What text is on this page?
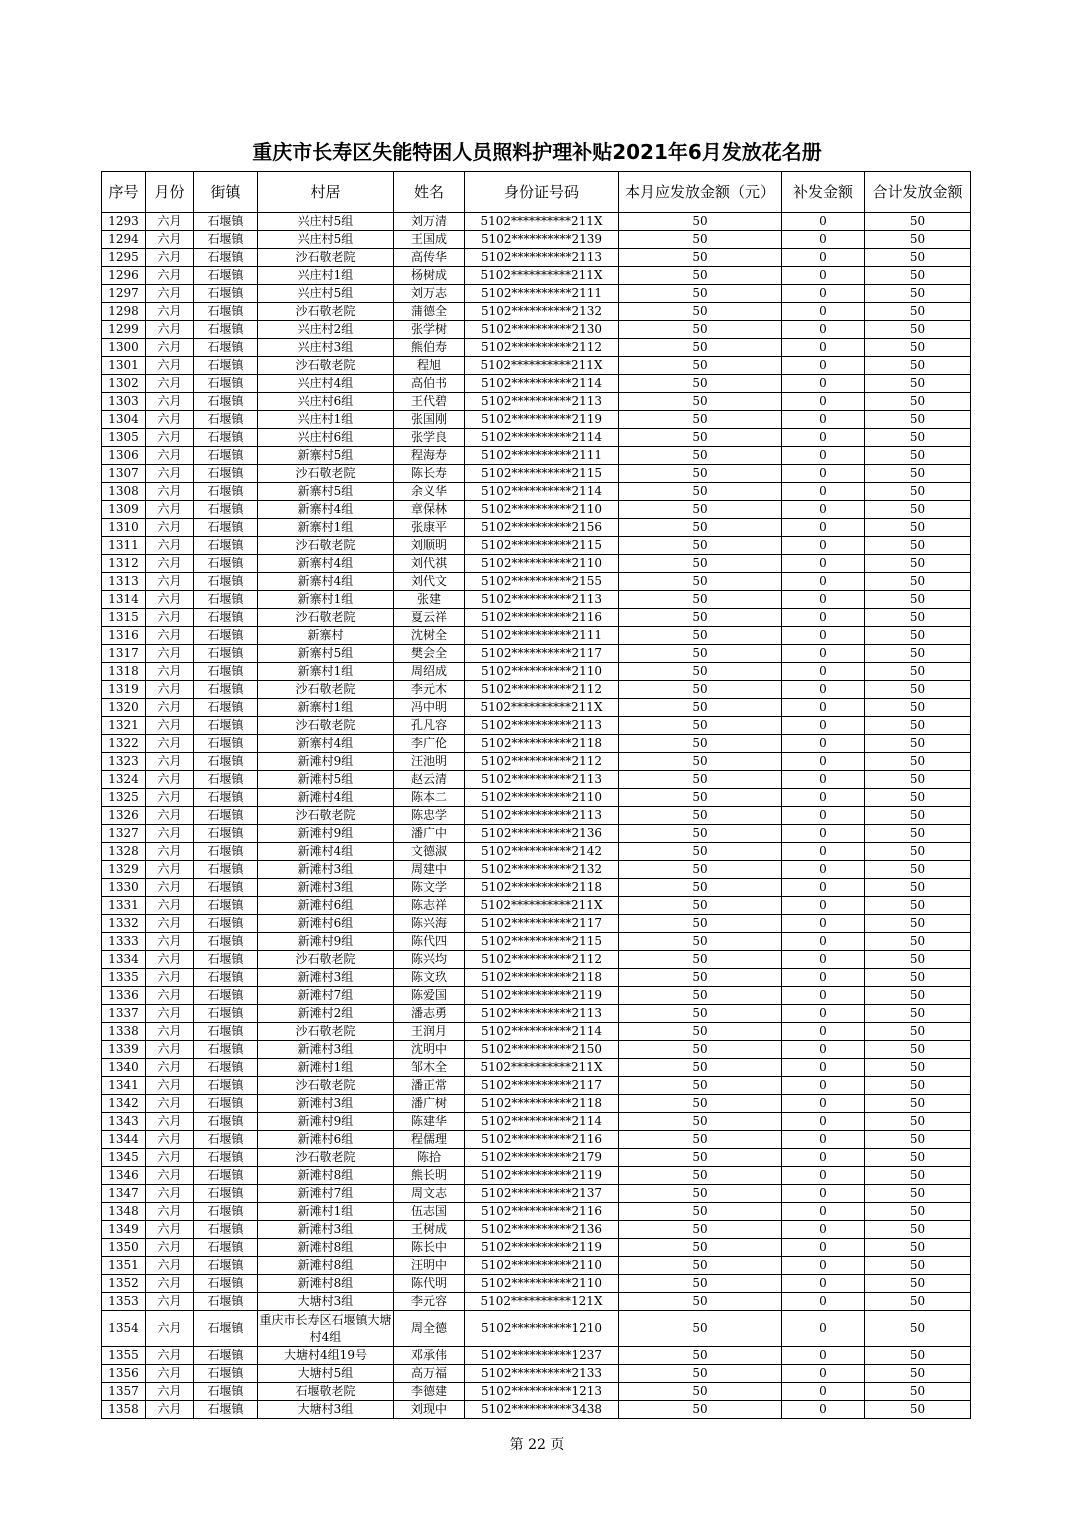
重庆市长寿区失能特困人员照料护理补贴2021年6月发放花名册
序号	月份	街镇	村居	姓名	身份证号码	本月应发放金额（元）	补发金额	合计发放金额
1293	六月	石堰镇	兴庄村5组	刘万清	5102**********211X	50	0	50
1294	六月	石堰镇	兴庄村5组	王国成	5102**********2139	50	0	50
1295	六月	石堰镇	沙石敬老院	高传华	5102**********2113	50	0	50
1296	六月	石堰镇	兴庄村1组	杨树成	5102**********211X	50	0	50
1297	六月	石堰镇	兴庄村5组	刘万志	5102**********2111	50	0	50
1298	六月	石堰镇	沙石敬老院	蒲德全	5102**********2132	50	0	50
1299	六月	石堰镇	兴庄村2组	张学树	5102**********2130	50	0	50
1300	六月	石堰镇	兴庄村3组	熊伯寿	5102**********2112	50	0	50
1301	六月	石堰镇	沙石敬老院	程旭	5102**********211X	50	0	50
1302	六月	石堰镇	兴庄村4组	高伯书	5102**********2114	50	0	50
1303	六月	石堰镇	兴庄村6组	王代碧	5102**********2113	50	0	50
1304	六月	石堰镇	兴庄村1组	张国刚	5102**********2119	50	0	50
1305	六月	石堰镇	兴庄村6组	张学良	5102**********2114	50	0	50
1306	六月	石堰镇	新寨村5组	程海寿	5102**********2111	50	0	50
1307	六月	石堰镇	沙石敬老院	陈长寿	5102**********2115	50	0	50
1308	六月	石堰镇	新寨村5组	余义华	5102**********2114	50	0	50
1309	六月	石堰镇	新寨村4组	章保林	5102**********2110	50	0	50
1310	六月	石堰镇	新寨村1组	张康平	5102**********2156	50	0	50
1311	六月	石堰镇	沙石敬老院	刘顺明	5102**********2115	50	0	50
1312	六月	石堰镇	新寨村4组	刘代祺	5102**********2110	50	0	50
1313	六月	石堰镇	新寨村4组	刘代文	5102**********2155	50	0	50
1314	六月	石堰镇	新寨村1组	张建	5102**********2113	50	0	50
1315	六月	石堰镇	沙石敬老院	夏云祥	5102**********2116	50	0	50
1316	六月	石堰镇	新寨村	沈树全	5102**********2111	50	0	50
1317	六月	石堰镇	新寨村5组	樊会全	5102**********2117	50	0	50
1318	六月	石堰镇	新寨村1组	周绍成	5102**********2110	50	0	50
1319	六月	石堰镇	沙石敬老院	李元木	5102**********2112	50	0	50
1320	六月	石堰镇	新寨村1组	冯中明	5102**********211X	50	0	50
1321	六月	石堰镇	沙石敬老院	孔凡容	5102**********2113	50	0	50
1322	六月	石堰镇	新寨村4组	李广伦	5102**********2118	50	0	50
1323	六月	石堰镇	新滩村9组	汪池明	5102**********2112	50	0	50
1324	六月	石堰镇	新滩村5组	赵云清	5102**********2113	50	0	50
1325	六月	石堰镇	新滩村4组	陈本二	5102**********2110	50	0	50
1326	六月	石堰镇	沙石敬老院	陈忠学	5102**********2113	50	0	50
1327	六月	石堰镇	新滩村9组	潘广中	5102**********2136	50	0	50
1328	六月	石堰镇	新滩村4组	文德淑	5102**********2142	50	0	50
1329	六月	石堰镇	新滩村3组	周建中	5102**********2132	50	0	50
1330	六月	石堰镇	新滩村3组	陈文学	5102**********2118	50	0	50
1331	六月	石堰镇	新滩村6组	陈志祥	5102**********211X	50	0	50
1332	六月	石堰镇	新滩村6组	陈兴海	5102**********2117	50	0	50
1333	六月	石堰镇	新滩村9组	陈代四	5102**********2115	50	0	50
1334	六月	石堰镇	沙石敬老院	陈兴均	5102**********2112	50	0	50
1335	六月	石堰镇	新滩村3组	陈文玖	5102**********2118	50	0	50
1336	六月	石堰镇	新滩村7组	陈爱国	5102**********2119	50	0	50
1337	六月	石堰镇	新滩村2组	潘志勇	5102**********2113	50	0	50
1338	六月	石堰镇	沙石敬老院	王润月	5102**********2114	50	0	50
1339	六月	石堰镇	新滩村3组	沈明中	5102**********2150	50	0	50
1340	六月	石堰镇	新滩村1组	邹木全	5102**********211X	50	0	50
1341	六月	石堰镇	沙石敬老院	潘正常	5102**********2117	50	0	50
1342	六月	石堰镇	新滩村3组	潘广树	5102**********2118	50	0	50
1343	六月	石堰镇	新滩村9组	陈建华	5102**********2114	50	0	50
1344	六月	石堰镇	新滩村6组	程儒理	5102**********2116	50	0	50
1345	六月	石堰镇	沙石敬老院	陈拾	5102**********2179	50	0	50
1346	六月	石堰镇	新滩村8组	熊长明	5102**********2119	50	0	50
1347	六月	石堰镇	新滩村7组	周文志	5102**********2137	50	0	50
1348	六月	石堰镇	新滩村1组	伍志国	5102**********2116	50	0	50
1349	六月	石堰镇	新滩村3组	王树成	5102**********2136	50	0	50
1350	六月	石堰镇	新滩村8组	陈长中	5102**********2119	50	0	50
1351	六月	石堰镇	新滩村8组	汪明中	5102**********2110	50	0	50
1352	六月	石堰镇	新滩村8组	陈代明	5102**********2110	50	0	50
1353	六月	石堰镇	大塘村3组	李元容	5102**********121X	50	0	50
1354	六月	石堰镇	重庆市长寿区石堰镇大塘村4组	周全德	5102**********1210	50	0	50
1355	六月	石堰镇	大塘村4组19号	邓承伟	5102**********1237	50	0	50
1356	六月	石堰镇	大塘村5组	高万福	5102**********2133	50	0	50
1357	六月	石堰镇	石堰敬老院	李德建	5102**********1213	50	0	50
1358	六月	石堰镇	大塘村3组	刘现中	5102**********3438	50	0	50
第 22 页
